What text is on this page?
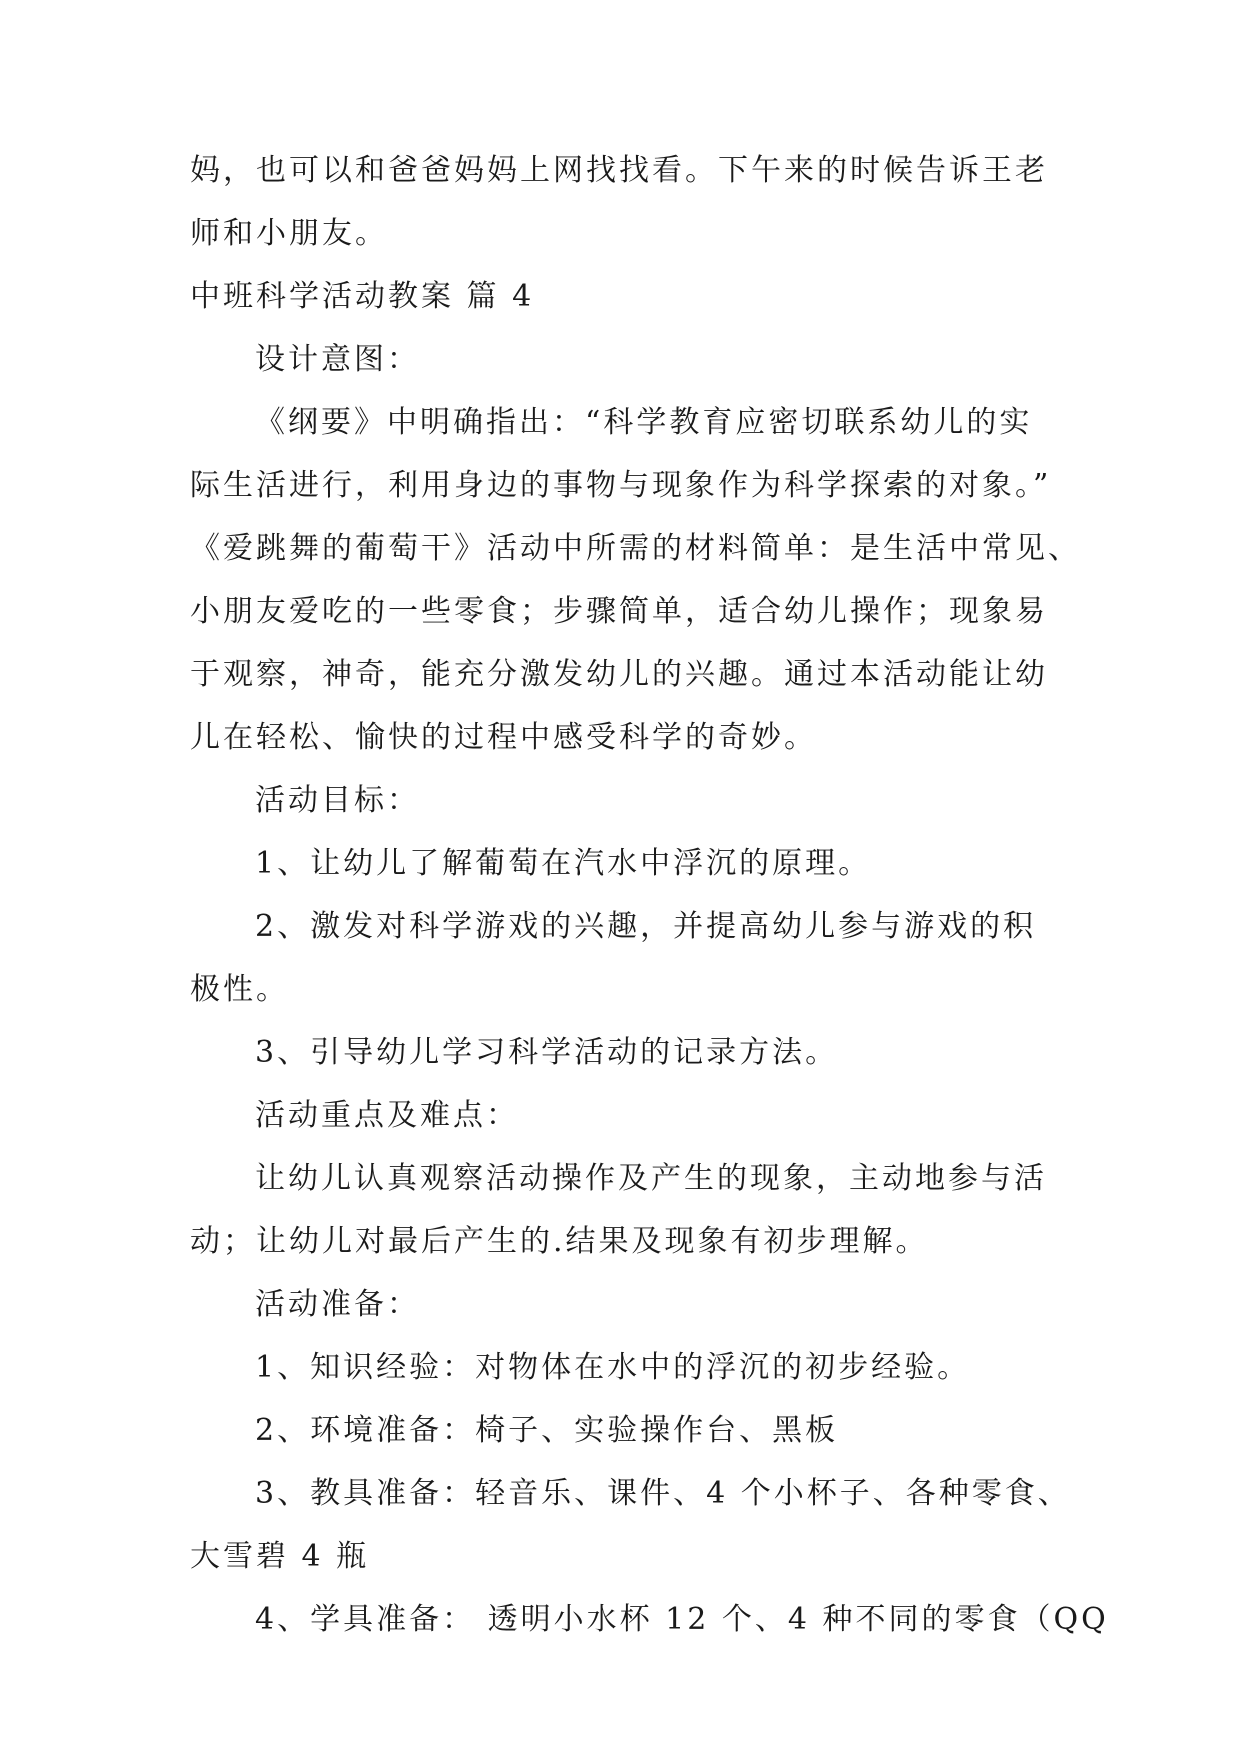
妈，也可以和爸爸妈妈上网找找看。下午来的时候告诉王老
师和小朋友。
中班科学活动教案 篇 4
设计意图：
《纲要》中明确指出：“科学教育应密切联系幼儿的实
际生活进行，利用身边的事物与现象作为科学探索的对象。”
《爱跳舞的葡萄干》活动中所需的材料简单：是生活中常见、
小朋友爱吃的一些零食；步骤简单，适合幼儿操作；现象易
于观察，神奇，能充分激发幼儿的兴趣。通过本活动能让幼
儿在轻松、愉快的过程中感受科学的奇妙。
活动目标：
1、让幼儿了解葡萄在汽水中浮沉的原理。
2、激发对科学游戏的兴趣，并提高幼儿参与游戏的积
极性。
3、引导幼儿学习科学活动的记录方法。
活动重点及难点：
让幼儿认真观察活动操作及产生的现象，主动地参与活
动；让幼儿对最后产生的.结果及现象有初步理解。
活动准备：
1、知识经验：对物体在水中的浮沉的初步经验。
2、环境准备：椅子、实验操作台、黑板
3、教具准备：轻音乐、课件、4 个小杯子、各种零食、
大雪碧 4 瓶
4、学具准备： 透明小水杯 12 个、4 种不同的零食（QQ
